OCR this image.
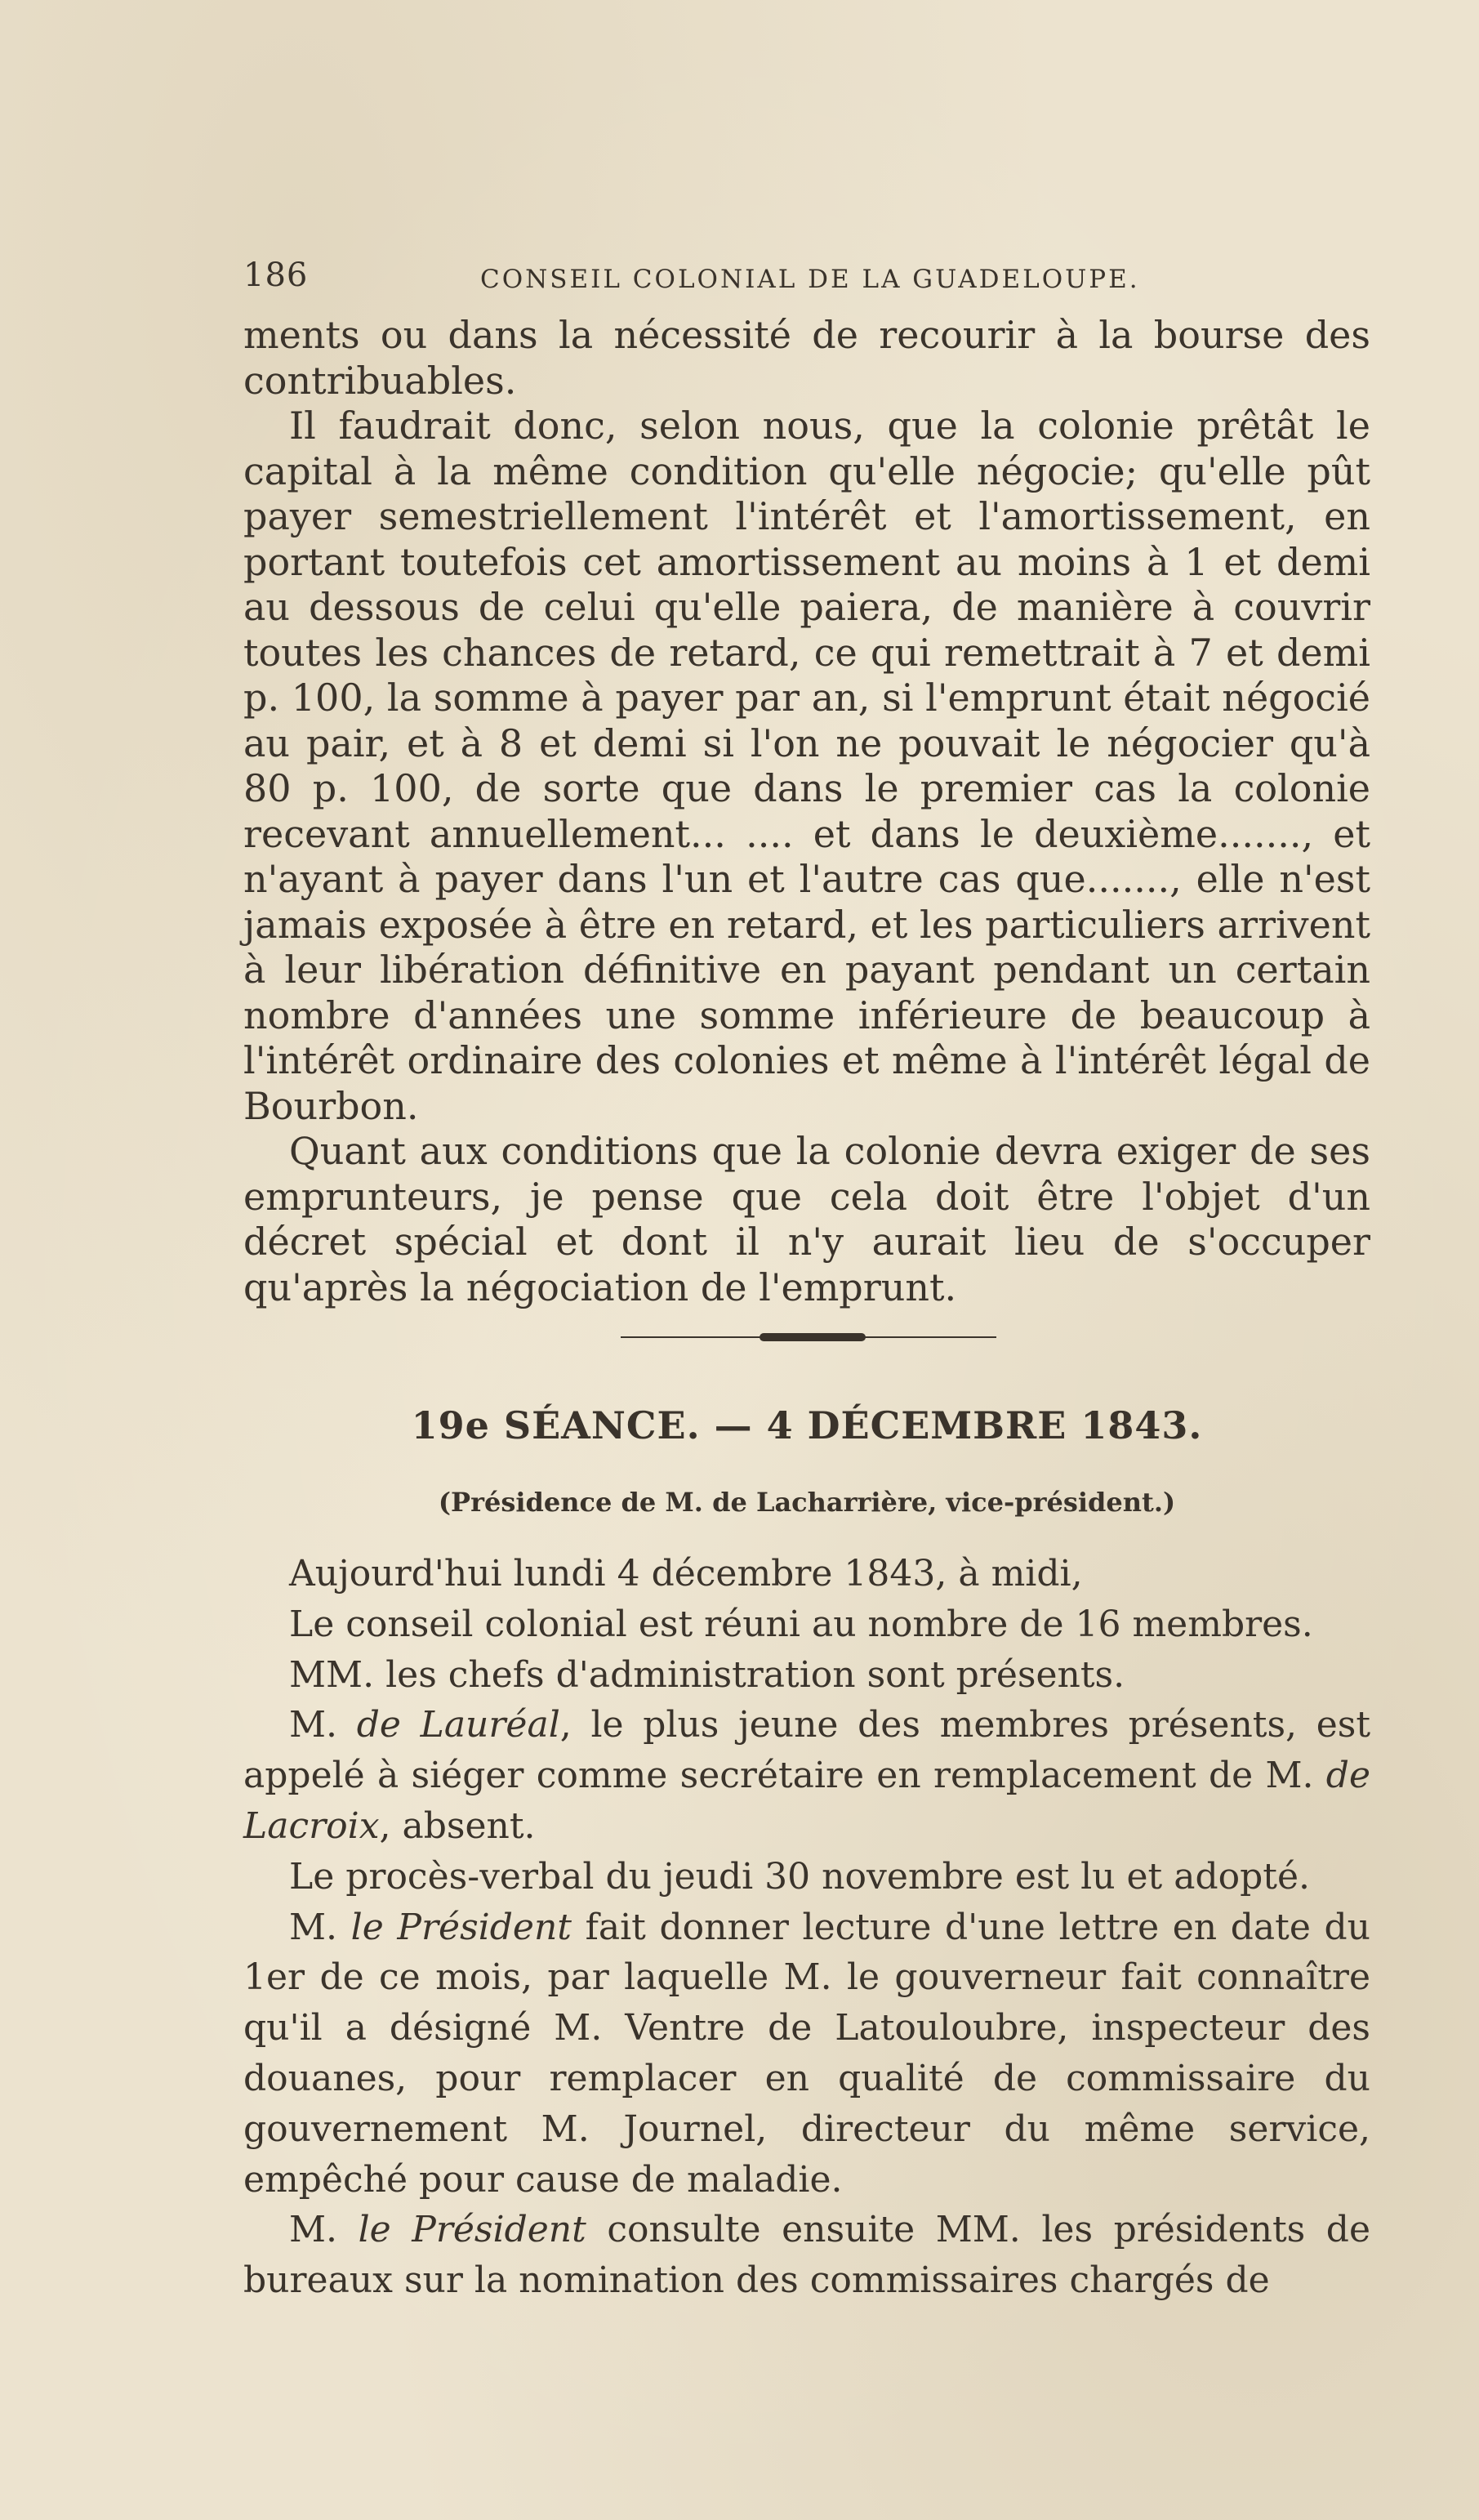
186	CONSEIL COLONIAL DE LA GUADELOUPE.

ments ou dans la nécessité de recourir à la bourse des contribuables.

Il faudrait donc, selon nous, que la colonie prêtât le capital à la même condition qu'elle négocie; qu'elle pût payer semestriellement l'intérêt et l'amortissement, en portant toutefois cet amortissement au moins à 1 et demi au dessous de celui qu'elle paiera, de manière à couvrir toutes les chances de retard, ce qui remettrait à 7 et demi p. 100, la somme à payer par an, si l'emprunt était négocié au pair, et à 8 et demi si l'on ne pouvait le négocier qu'à 80 p. 100, de sorte que dans le premier cas la colonie recevant annuellement... .... et dans le deuxième......., et n'ayant à payer dans l'un et l'autre cas que......., elle n'est jamais exposée à être en retard, et les particuliers arrivent à leur libération définitive en payant pendant un certain nombre d'années une somme inférieure de beaucoup à l'intérêt ordinaire des colonies et même à l'intérêt légal de Bourbon.

Quant aux conditions que la colonie devra exiger de ses emprunteurs, je pense que cela doit être l'objet d'un décret spécial et dont il n'y aurait lieu de s'occuper qu'après la négociation de l'emprunt.

19e SÉANCE. — 4 DÉCEMBRE 1843.
(Présidence de M. de Lacharrière, vice-président.)

Aujourd'hui lundi 4 décembre 1843, à midi,

Le conseil colonial est réuni au nombre de 16 membres.

MM. les chefs d'administration sont présents.

M. de Lauréal, le plus jeune des membres présents, est appelé à siéger comme secrétaire en remplacement de M. de Lacroix, absent.

Le procès-verbal du jeudi 30 novembre est lu et adopté.

M. le Président fait donner lecture d'une lettre en date du 1er de ce mois, par laquelle M. le gouverneur fait connaître qu'il a désigné M. Ventre de Latouloubre, inspecteur des douanes, pour remplacer en qualité de commissaire du gouvernement M. Journel, directeur du même service, empêché pour cause de maladie.

M. le Président consulte ensuite MM. les présidents de bureaux sur la nomination des commissaires chargés de
